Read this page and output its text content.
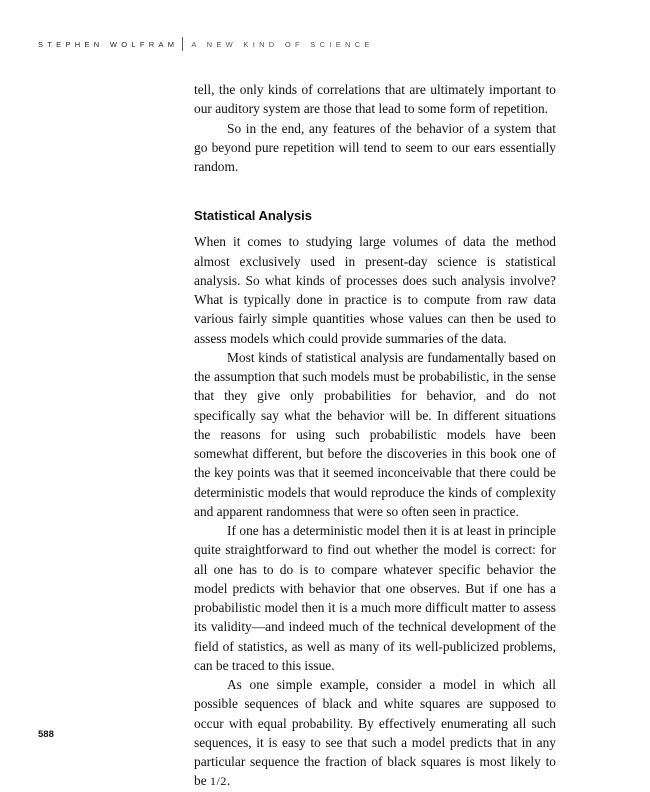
STEPHEN WOLFRAM A NEW KIND OF SCIENCE

tell, the only kinds of correlations that are ultimately important to our auditory system are those that lead to some form of repetition.

So in the end, any features of the behavior of a system that go beyond pure repetition will tend to seem to our ears essentially random.

Statistical Analysis

When it comes to studying large volumes of data the method almost exclusively used in present-day science is statistical analysis. So what kinds of processes does such analysis involve? What is typically done in practice is to compute from raw data various fairly simple quantities whose values can then be used to assess models which could provide summaries of the data.

Most kinds of statistical analysis are fundamentally based on the assumption that such models must be probabilistic, in the sense that they give only probabilities for behavior, and do not specifically say what the behavior will be. In different situations the reasons for using such probabilistic models have been somewhat different, but before the discoveries in this book one of the key points was that it seemed inconceivable that there could be deterministic models that would reproduce the kinds of complexity and apparent randomness that were so often seen in practice.

If one has a deterministic model then it is at least in principle quite straightforward to find out whether the model is correct: for all one has to do is to compare whatever specific behavior the model predicts with behavior that one observes. But if one has a probabilistic model then it is a much more difficult matter to assess its validity—and indeed much of the technical development of the field of statistics, as well as many of its well-publicized problems, can be traced to this issue.

As one simple example, consider a model in which all possible sequences of black and white squares are supposed to occur with equal probability. By effectively enumerating all such sequences, it is easy to see that such a model predicts that in any particular sequence the fraction of black squares is most likely to be 1/2.

588
